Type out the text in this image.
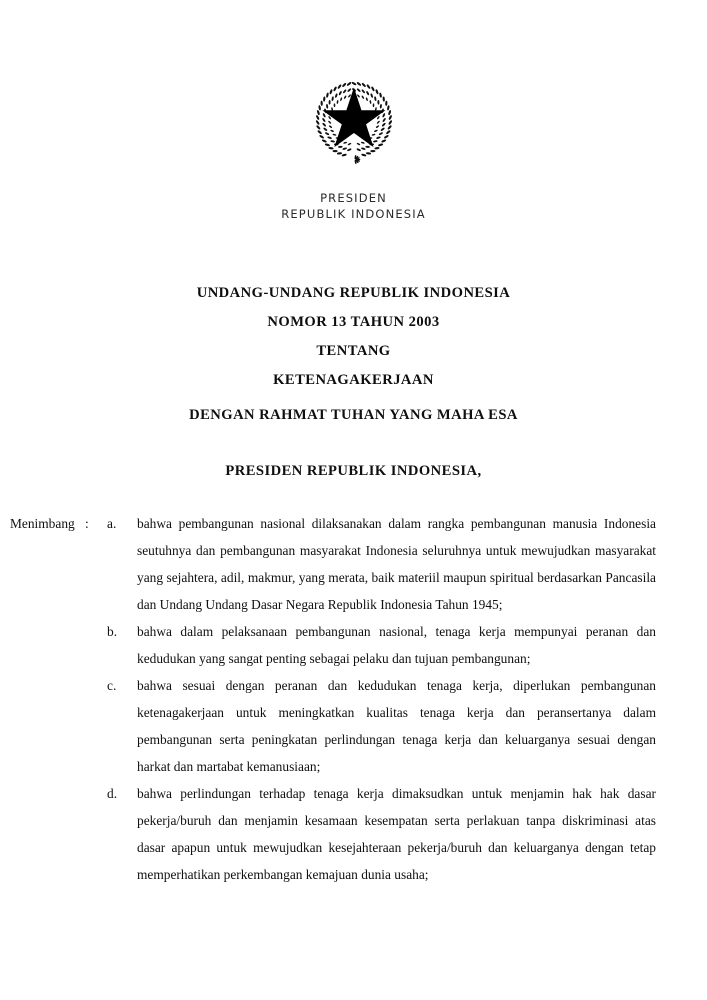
PRESIDEN
REPUBLIK INDONESIA
UNDANG-UNDANG REPUBLIK INDONESIA
NOMOR 13 TAHUN 2003
TENTANG
KETENAGAKERJAAN
DENGAN RAHMAT TUHAN YANG MAHA ESA
PRESIDEN REPUBLIK INDONESIA,
Menimbang :	a.	bahwa pembangunan nasional dilaksanakan dalam rangka pembangunan manusia Indonesia seutuhnya dan pembangunan masyarakat Indonesia seluruhnya untuk mewujudkan masyarakat yang sejahtera, adil, makmur, yang merata, baik materiil maupun spiritual berdasarkan Pancasila dan Undang Undang Dasar Negara Republik Indonesia Tahun 1945;

b.	bahwa dalam pelaksanaan pembangunan nasional, tenaga kerja mempunyai peranan dan kedudukan yang sangat penting sebagai pelaku dan tujuan pembangunan;

c.	bahwa sesuai dengan peranan dan kedudukan tenaga kerja, diperlukan pembangunan ketenagakerjaan untuk meningkatkan kualitas tenaga kerja dan peransertanya dalam pembangunan serta peningkatan perlindungan tenaga kerja dan keluarganya sesuai dengan harkat dan martabat kemanusiaan;

d.	bahwa perlindungan terhadap tenaga kerja dimaksudkan untuk menjamin hak hak dasar pekerja/buruh dan menjamin kesamaan kesempatan serta perlakuan tanpa diskriminasi atas dasar apapun untuk mewujudkan kesejahteraan pekerja/buruh dan keluarganya dengan tetap memperhatikan perkembangan kemajuan dunia usaha;
